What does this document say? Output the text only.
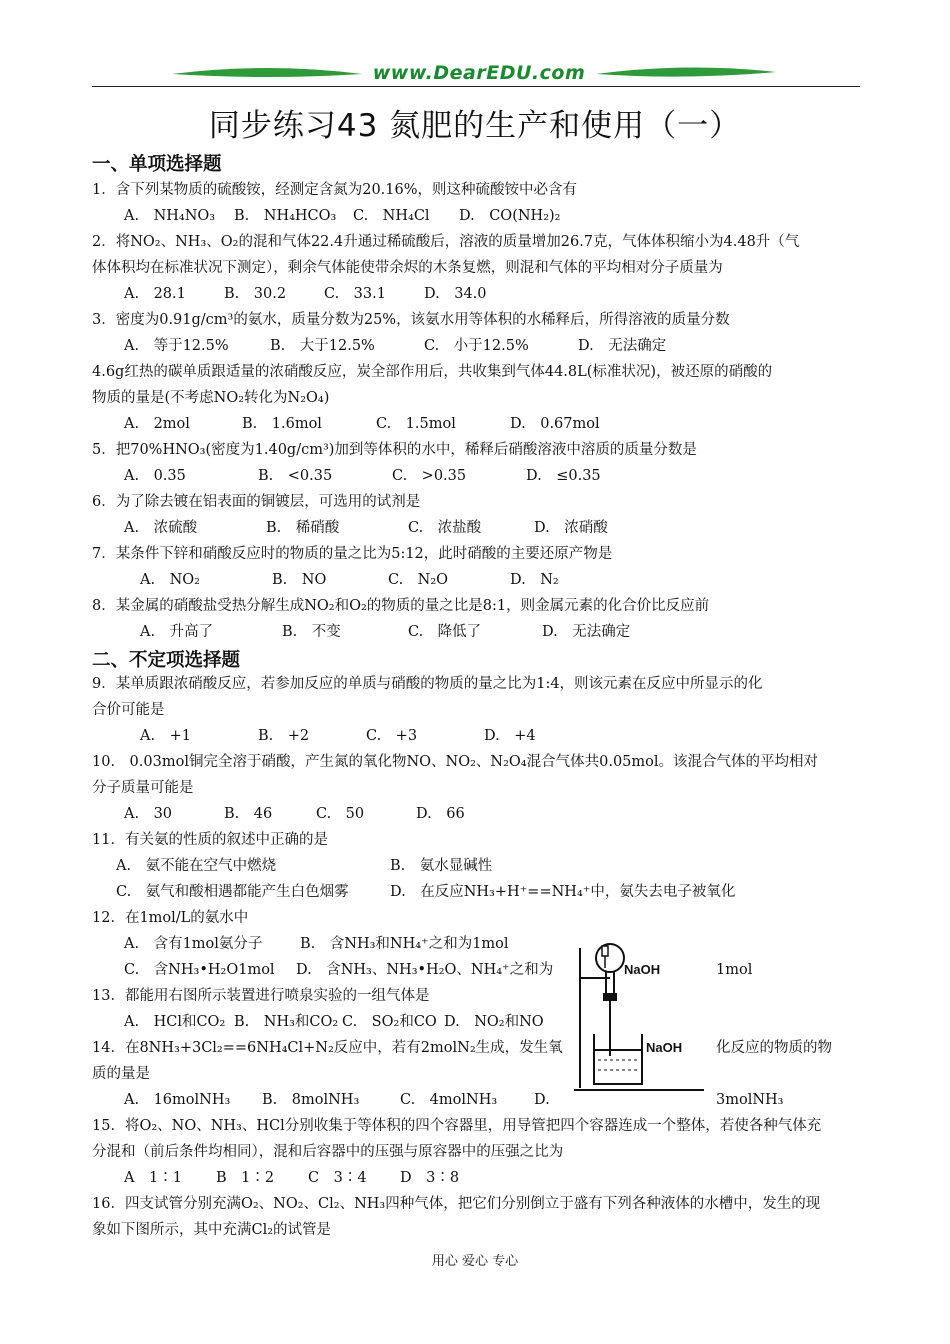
www.DearEDU.com
同步练习43 氮肥的生产和使用（一）
一、单项选择题
1．含下列某物质的硫酸铵，经测定含氮为20.16%，则这种硫酸铵中必含有
A.　NH₄NO₃ B.　NH₄HCO₃ C.　NH₄Cl D.　CO(NH₂)₂
2．将NO₂、NH₃、O₂的混和气体22.4升通过稀硫酸后，溶液的质量增加26.7克，气体体积缩小为4.48升（气
体体积均在标准状况下测定），剩余气体能使带余烬的木条复燃，则混和气体的平均相对分子质量为
A.　28.1	B.　30.2	C.　33.1	D.　34.0
3．密度为0.91g/cm³的氨水，质量分数为25%，该氨水用等体积的水稀释后，所得溶液的质量分数
A.　等于12.5%	B.　大于12.5%	C.　小于12.5%	D.　无法确定
4.6g红热的碳单质跟适量的浓硝酸反应，炭全部作用后，共收集到气体44.8L(标准状况)，被还原的硝酸的
物质的量是(不考虑NO₂转化为N₂O₄)
A.　2mol	B.　1.6mol	C.　1.5mol	D.　0.67mol
5．把70%HNO₃(密度为1.40g/cm³)加到等体积的水中，稀释后硝酸溶液中溶质的质量分数是
A.　0.35	B.　<0.35	C.　>0.35	D.　≤0.35
6．为了除去镀在铝表面的铜镀层，可选用的试剂是
A.　浓硫酸	B.　稀硝酸	C.　浓盐酸	D.　浓硝酸
7．某条件下锌和硝酸反应时的物质的量之比为5:12，此时硝酸的主要还原产物是
A.　NO₂	B.　NO	C.　N₂O	D.　N₂
8．某金属的硝酸盐受热分解生成NO₂和O₂的物质的量之比是8:1，则金属元素的化合价比反应前
A.　升高了	B.　不变	C.　降低了	D.　无法确定
二、不定项选择题
9．某单质跟浓硝酸反应，若参加反应的单质与硝酸的物质的量之比为1:4，则该元素在反应中所显示的化
合价可能是
A.　+1	B.　+2	C.　+3	D.　+4
10.　0.03mol铜完全溶于硝酸，产生氮的氧化物NO、NO₂、N₂O₄混合气体共0.05mol。该混合气体的平均相对
分子质量可能是
A.　30	B.　46	C.　50	D.　66
11．有关氨的性质的叙述中正确的是
A.　氨不能在空气中燃烧	B.　氨水显碱性
C.　氨气和酸相遇都能产生白色烟雾	D.　在反应NH₃+H⁺==NH₄⁺中，氨失去电子被氧化
12．在1mol/L的氨水中
A.　含有1mol氨分子	B.　含NH₃和NH₄⁺之和为1mol
C.　含NH₃•H₂O1mol D.　含NH₃、NH₃•H₂O、NH₄⁺之和为	1mol
13．都能用右图所示装置进行喷泉实验的一组气体是
A.　HCl和CO₂ B.　NH₃和CO₂ C.　SO₂和CO D.　NO₂和NO
14．在8NH₃+3Cl₂==6NH₄Cl+N₂反应中，若有2molN₂生成，发生氧	化反应的物质的物
质的量是
A.　16molNH₃ B.　8molNH₃	C.　4molNH₃	D.	3molNH₃
15．将O₂、NO、NH₃、HCl分别收集于等体积的四个容器里，用导管把四个容器连成一个整体，若使各种气体充
分混和（前后条件均相同），混和后容器中的压强与原容器中的压强之比为
A　1∶1 B　1∶2 C　3∶4 D　3∶8
16．四支试管分别充满O₂、NO₂、Cl₂、NH₃四种气体，把它们分别倒立于盛有下列各种液体的水槽中，发生的现
象如下图所示，其中充满Cl₂的试管是
NaOH
NaOH
用心 爱心 专心
